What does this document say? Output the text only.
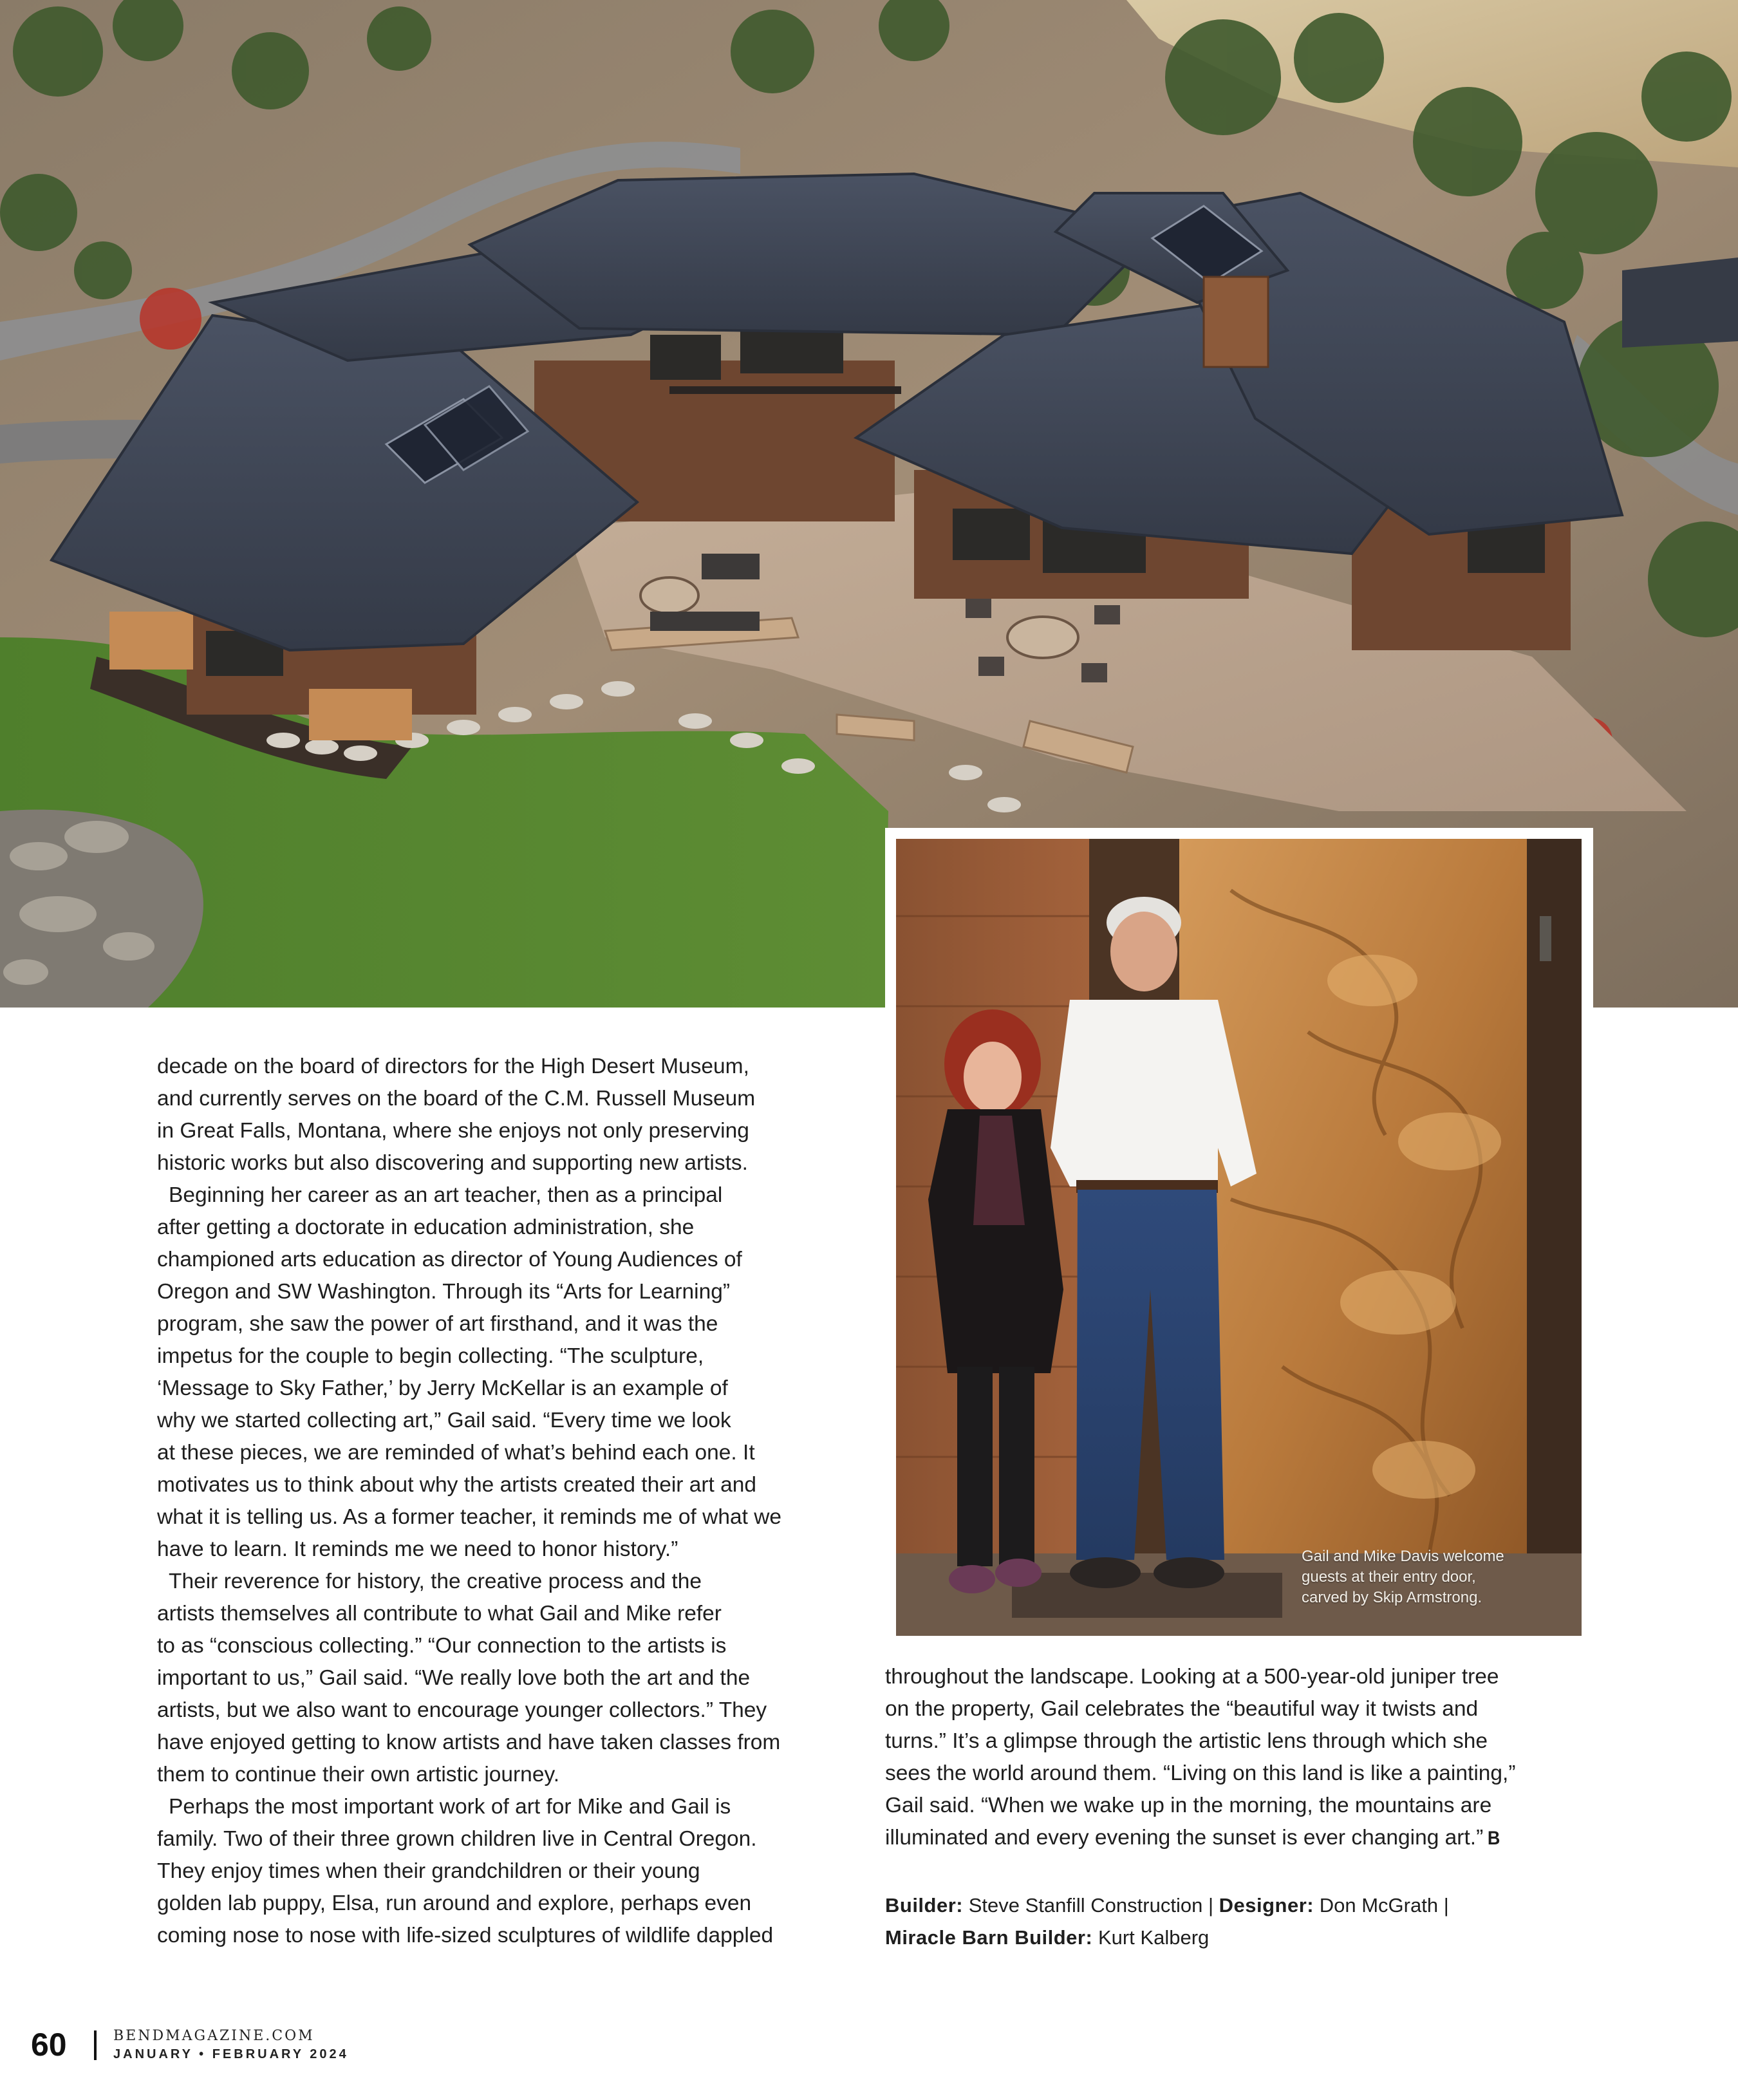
Gail and Mike Davis welcome
guests at their entry door,
carved by Skip Armstrong.
decade on the board of directors for the High Desert Museum,
and currently serves on the board of the C.M. Russell Museum
in Great Falls, Montana, where she enjoys not only preserving
historic works but also discovering and supporting new artists.
Beginning her career as an art teacher, then as a principal
after getting a doctorate in education administration, she
championed arts education as director of Young Audiences of
Oregon and SW Washington. Through its “Arts for Learning”
program, she saw the power of art firsthand, and it was the
impetus for the couple to begin collecting. “The sculpture,
‘Message to Sky Father,’ by Jerry McKellar is an example of
why we started collecting art,” Gail said. “Every time we look
at these pieces, we are reminded of what’s behind each one. It
motivates us to think about why the artists created their art and
what it is telling us. As a former teacher, it reminds me of what we
have to learn. It reminds me we need to honor history.”
Their reverence for history, the creative process and the
artists themselves all contribute to what Gail and Mike refer
to as “conscious collecting.” “Our connection to the artists is
important to us,” Gail said. “We really love both the art and the
artists, but we also want to encourage younger collectors.” They
have enjoyed getting to know artists and have taken classes from
them to continue their own artistic journey.
Perhaps the most important work of art for Mike and Gail is
family. Two of their three grown children live in Central Oregon.
They enjoy times when their grandchildren or their young
golden lab puppy, Elsa, run around and explore, perhaps even
coming nose to nose with life-sized sculptures of wildlife dappled
throughout the landscape. Looking at a 500-year-old juniper tree
on the property, Gail celebrates the “beautiful way it twists and
turns.” It’s a glimpse through the artistic lens through which she
sees the world around them. “Living on this land is like a painting,”
Gail said. “When we wake up in the morning, the mountains are
illuminated and every evening the sunset is ever changing art.” B
Builder: Steve Stanfill Construction | Designer: Don McGrath |
Miracle Barn Builder: Kurt Kalberg
60	BENDMAGAZINE.COM
JANUARY • FEBRUARY 2024
